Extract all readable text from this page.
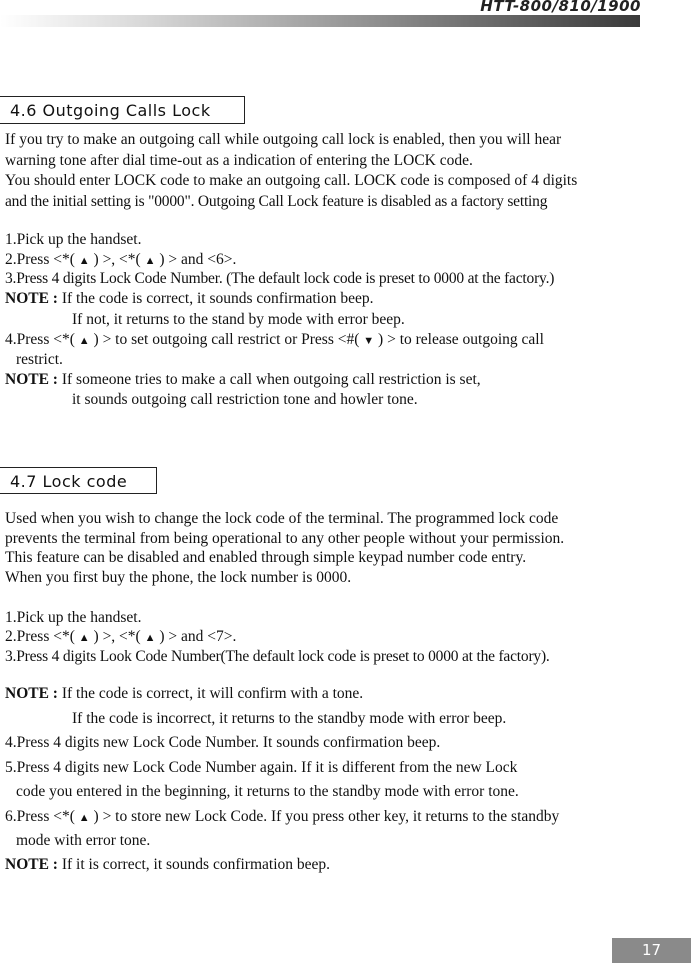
HTT-800/810/1900
4.6 Outgoing Calls Lock
If you try to make an outgoing call while outgoing call lock is enabled, then you will hear
warning tone after dial time-out as a indication of entering the LOCK code.
You should enter LOCK code to make an outgoing call. LOCK code is composed of 4 digits
and the initial setting is "0000". Outgoing Call Lock feature is disabled as a factory setting
1.Pick up the handset.
2.Press <*( ▲ ) >, <*( ▲ ) > and <6>.
3.Press 4 digits Lock Code Number. (The default lock code is preset to 0000 at the factory.)
NOTE : If the code is correct, it sounds confirmation beep.
If not, it returns to the stand by mode with error beep.
4.Press <*( ▲ ) > to set outgoing call restrict or Press <#( ▼ ) > to release outgoing call
restrict.
NOTE : If someone tries to make a call when outgoing call restriction is set,
it sounds outgoing call restriction tone and howler tone.
4.7 Lock code
Used when you wish to change the lock code of the terminal. The programmed lock code
prevents the terminal from being operational to any other people without your permission.
This feature can be disabled and enabled through simple keypad number code entry.
When you first buy the phone, the lock number is 0000.
1.Pick up the handset.
2.Press <*( ▲ ) >, <*( ▲ ) > and <7>.
3.Press 4 digits Look Code Number(The default lock code is preset to 0000 at the factory).
NOTE : If the code is correct, it will confirm with a tone.
If the code is incorrect, it returns to the standby mode with error beep.
4.Press 4 digits new Lock Code Number. It sounds confirmation beep.
5.Press 4 digits new Lock Code Number again. If it is different from the new Lock
code you entered in the beginning, it returns to the standby mode with error tone.
6.Press <*( ▲ ) > to store new Lock Code. If you press other key, it returns to the standby
mode with error tone.
NOTE : If it is correct, it sounds confirmation beep.
17
